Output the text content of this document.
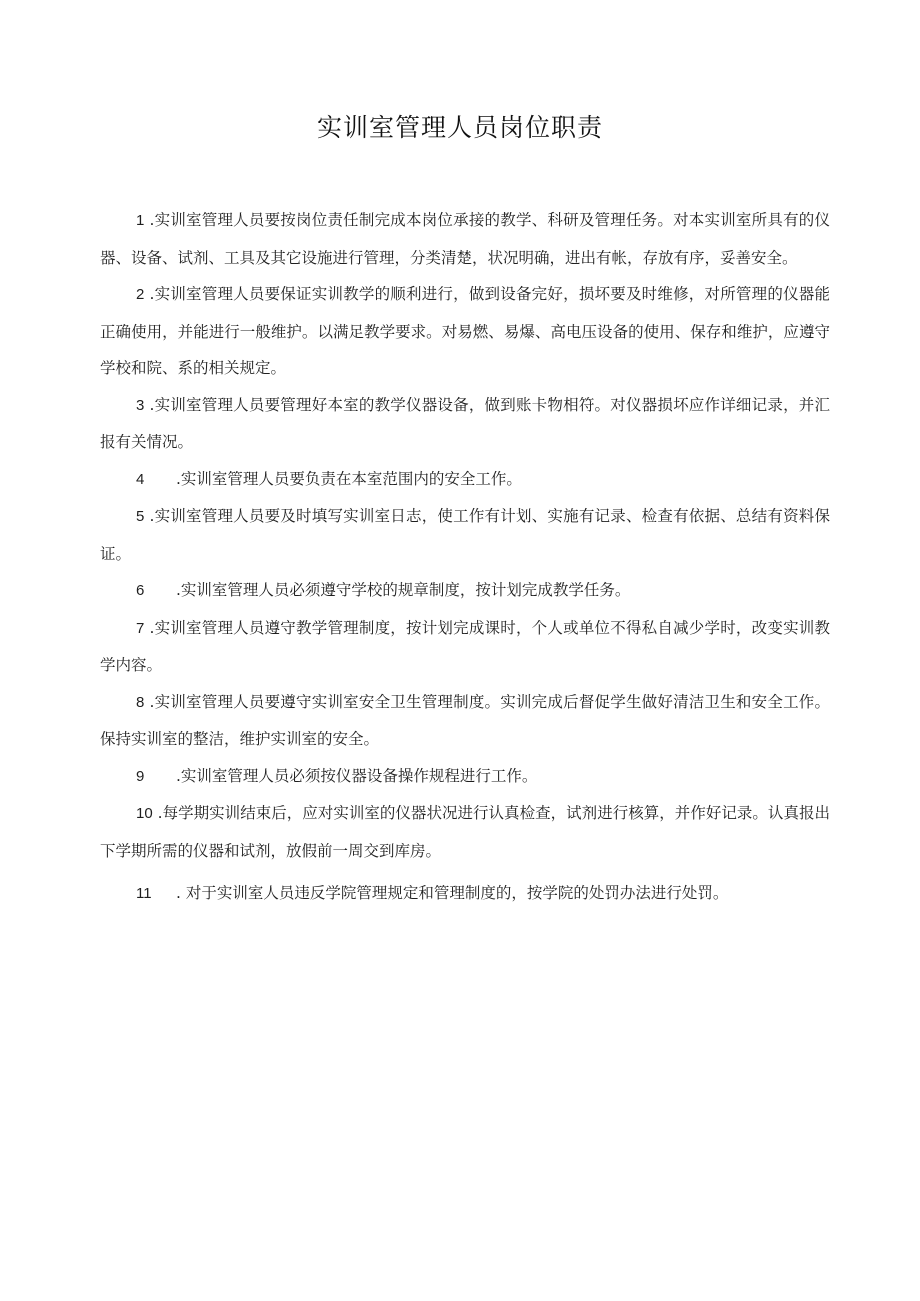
实训室管理人员岗位职责

1 .实训室管理人员要按岗位责任制完成本岗位承接的教学、科研及管理任务。对本实训室所具有的仪器、设备、试剂、工具及其它设施进行管理，分类清楚，状况明确，进出有帐，存放有序，妥善安全。

2 .实训室管理人员要保证实训教学的顺利进行，做到设备完好，损坏要及时维修，对所管理的仪器能正确使用，并能进行一般维护。以满足教学要求。对易燃、易爆、高电压设备的使用、保存和维护，应遵守学校和院、系的相关规定。

3 .实训室管理人员要管理好本室的教学仪器设备，做到账卡物相符。对仪器损坏应作详细记录，并汇报有关情况。

4 .实训室管理人员要负责在本室范围内的安全工作。

5 .实训室管理人员要及时填写实训室日志，使工作有计划、实施有记录、检查有依据、总结有资料保证。

6 .实训室管理人员必须遵守学校的规章制度，按计划完成教学任务。

7 .实训室管理人员遵守教学管理制度，按计划完成课时，个人或单位不得私自减少学时，改变实训教学内容。

8 .实训室管理人员要遵守实训室安全卫生管理制度。实训完成后督促学生做好清洁卫生和安全工作。保持实训室的整洁，维护实训室的安全。

9 .实训室管理人员必须按仪器设备操作规程进行工作。

10 .每学期实训结束后，应对实训室的仪器状况进行认真检查，试剂进行核算，并作好记录。认真报出下学期所需的仪器和试剂，放假前一周交到库房。

11 . 对于实训室人员违反学院管理规定和管理制度的，按学院的处罚办法进行处罚。
